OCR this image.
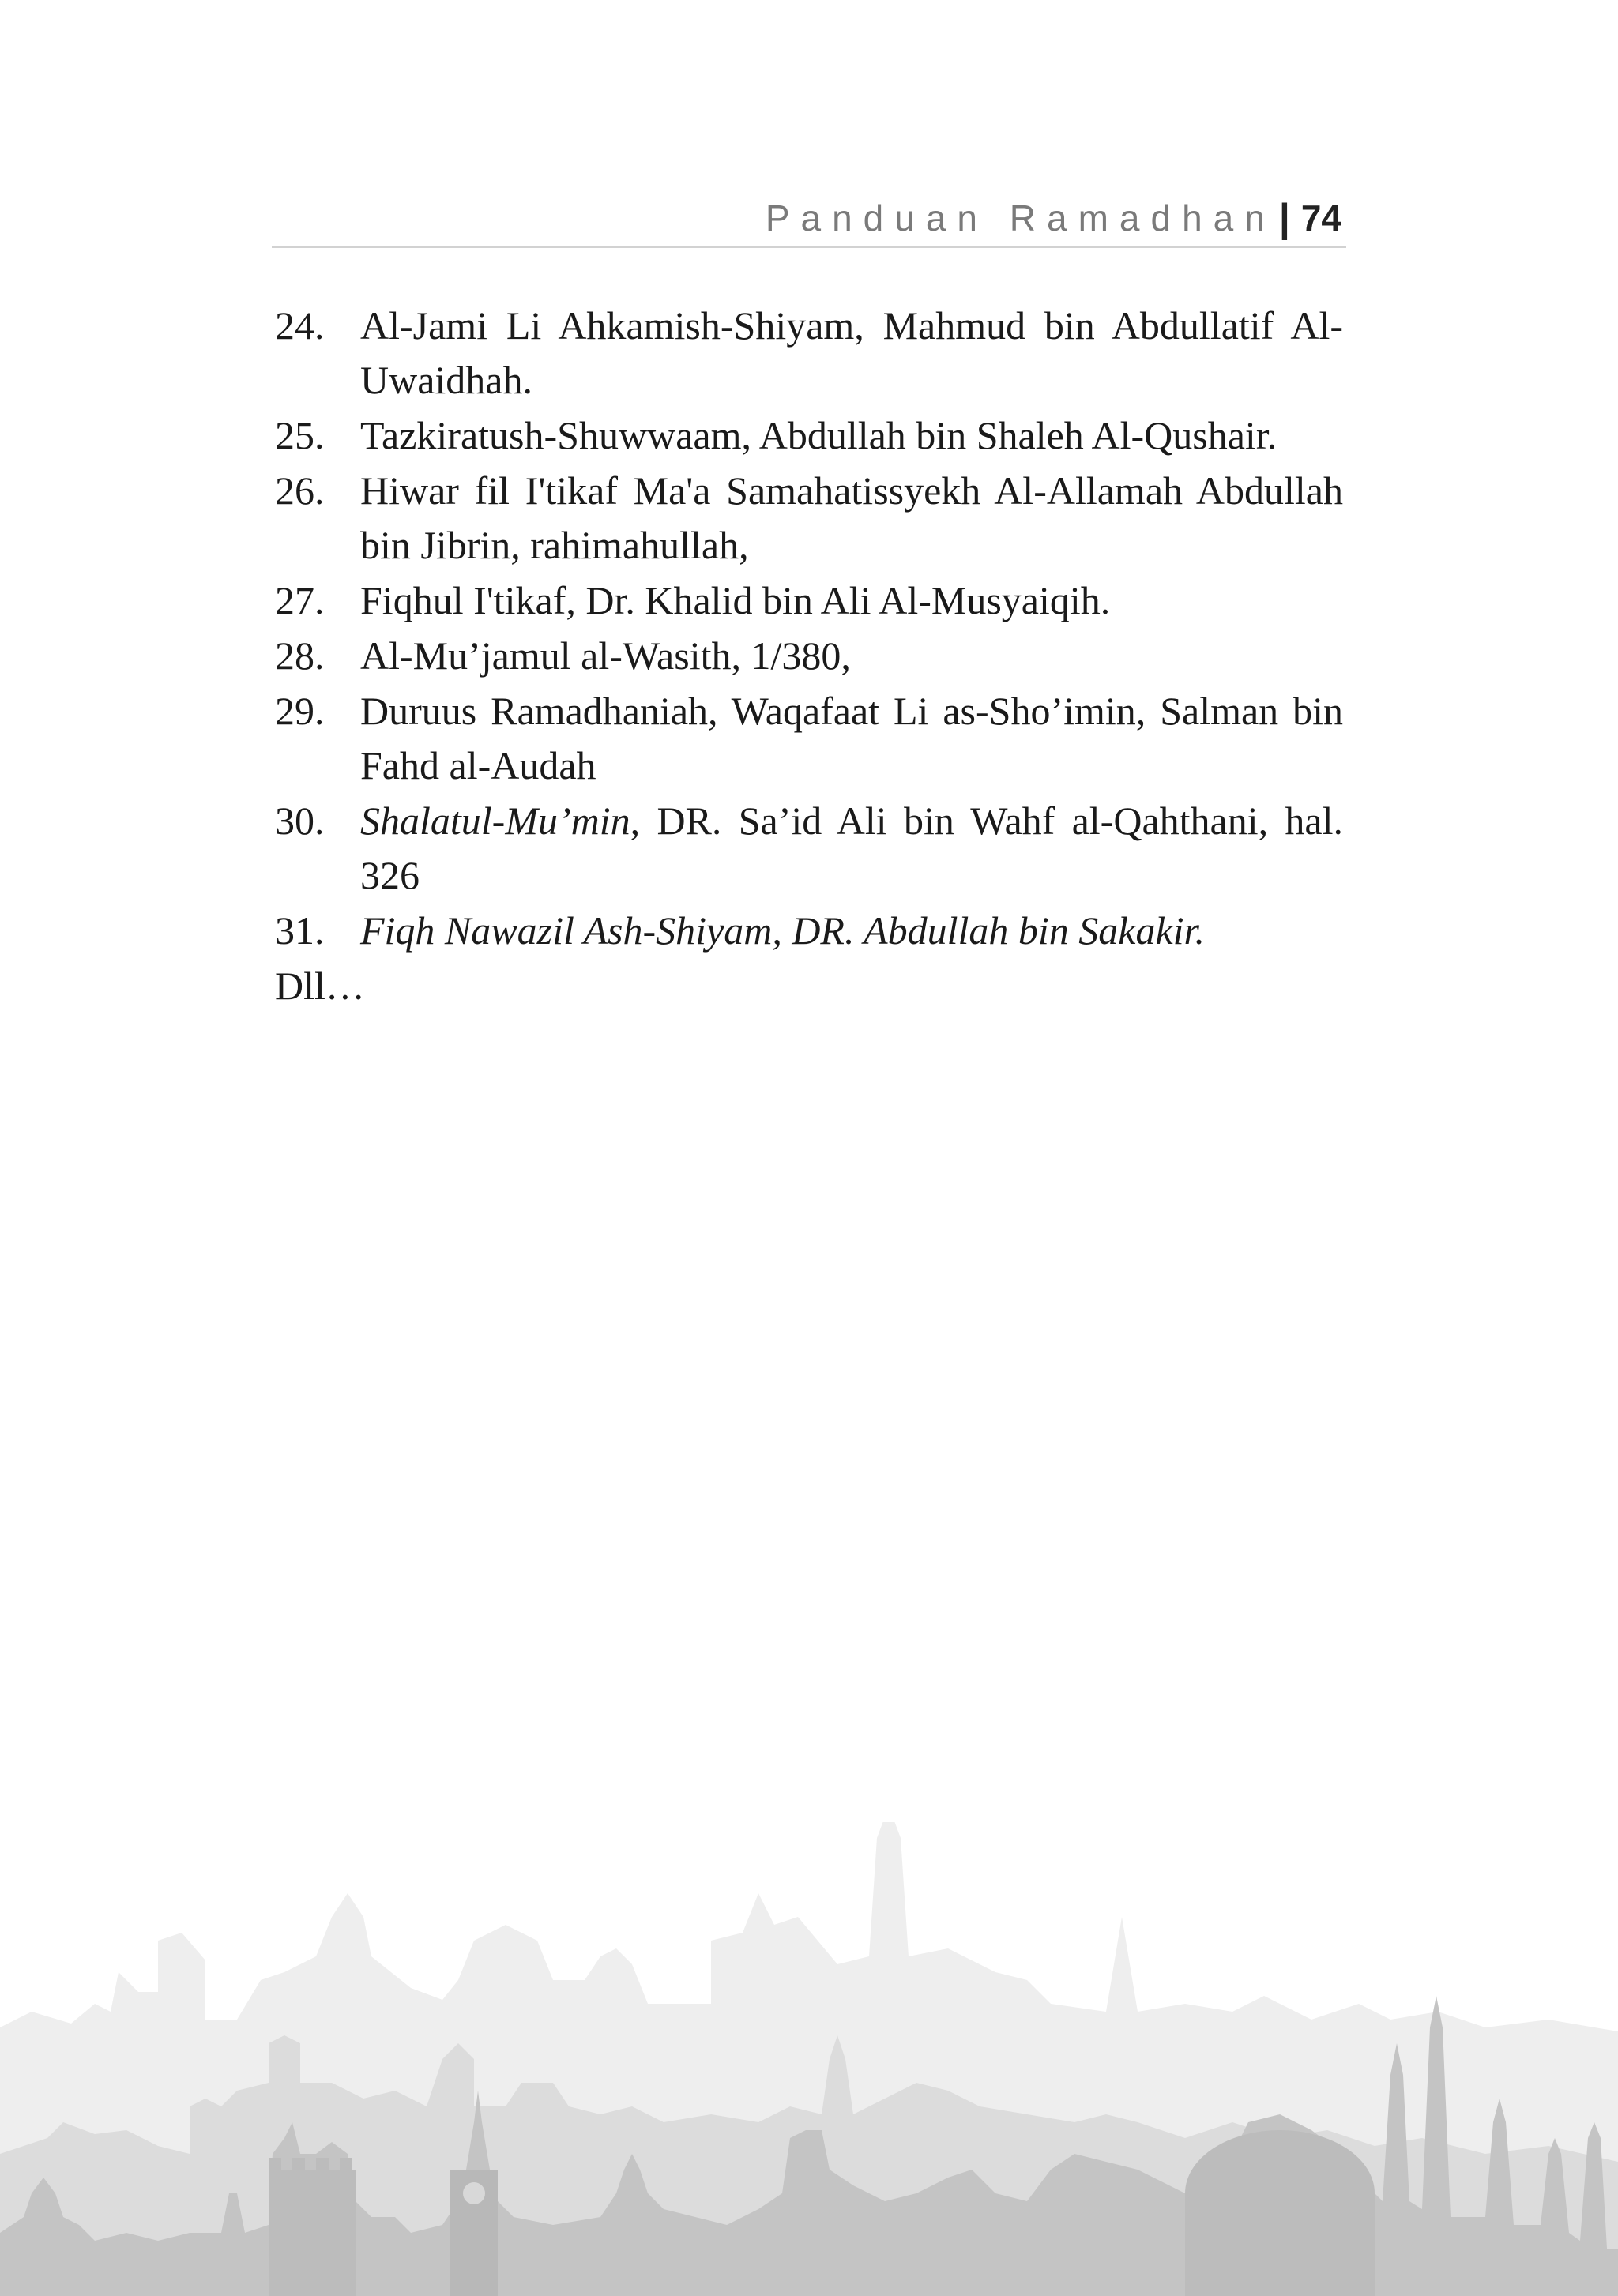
Panduan Ramadhan | 74
24. Al-Jami Li Ahkamish-Shiyam, Mahmud bin Abdullatif Al-Uwaidhah.
25. Tazkiratush-Shuwwaam, Abdullah bin Shaleh Al-Qushair.
26. Hiwar fil I'tikaf Ma'a Samahatissyekh Al-Allamah Abdullah bin Jibrin, rahimahullah,
27. Fiqhul I'tikaf, Dr. Khalid bin Ali Al-Musyaiqih.
28. Al-Mu’jamul al-Wasith, 1/380,
29. Duruus Ramadhaniah, Waqafaat Li as-Sho’imin, Salman bin Fahd al-Audah
30. Shalatul-Mu’min, DR. Sa’id Ali bin Wahf al-Qahthani, hal. 326
31. Fiqh Nawazil Ash-Shiyam, DR. Abdullah bin Sakakir.
Dll…
